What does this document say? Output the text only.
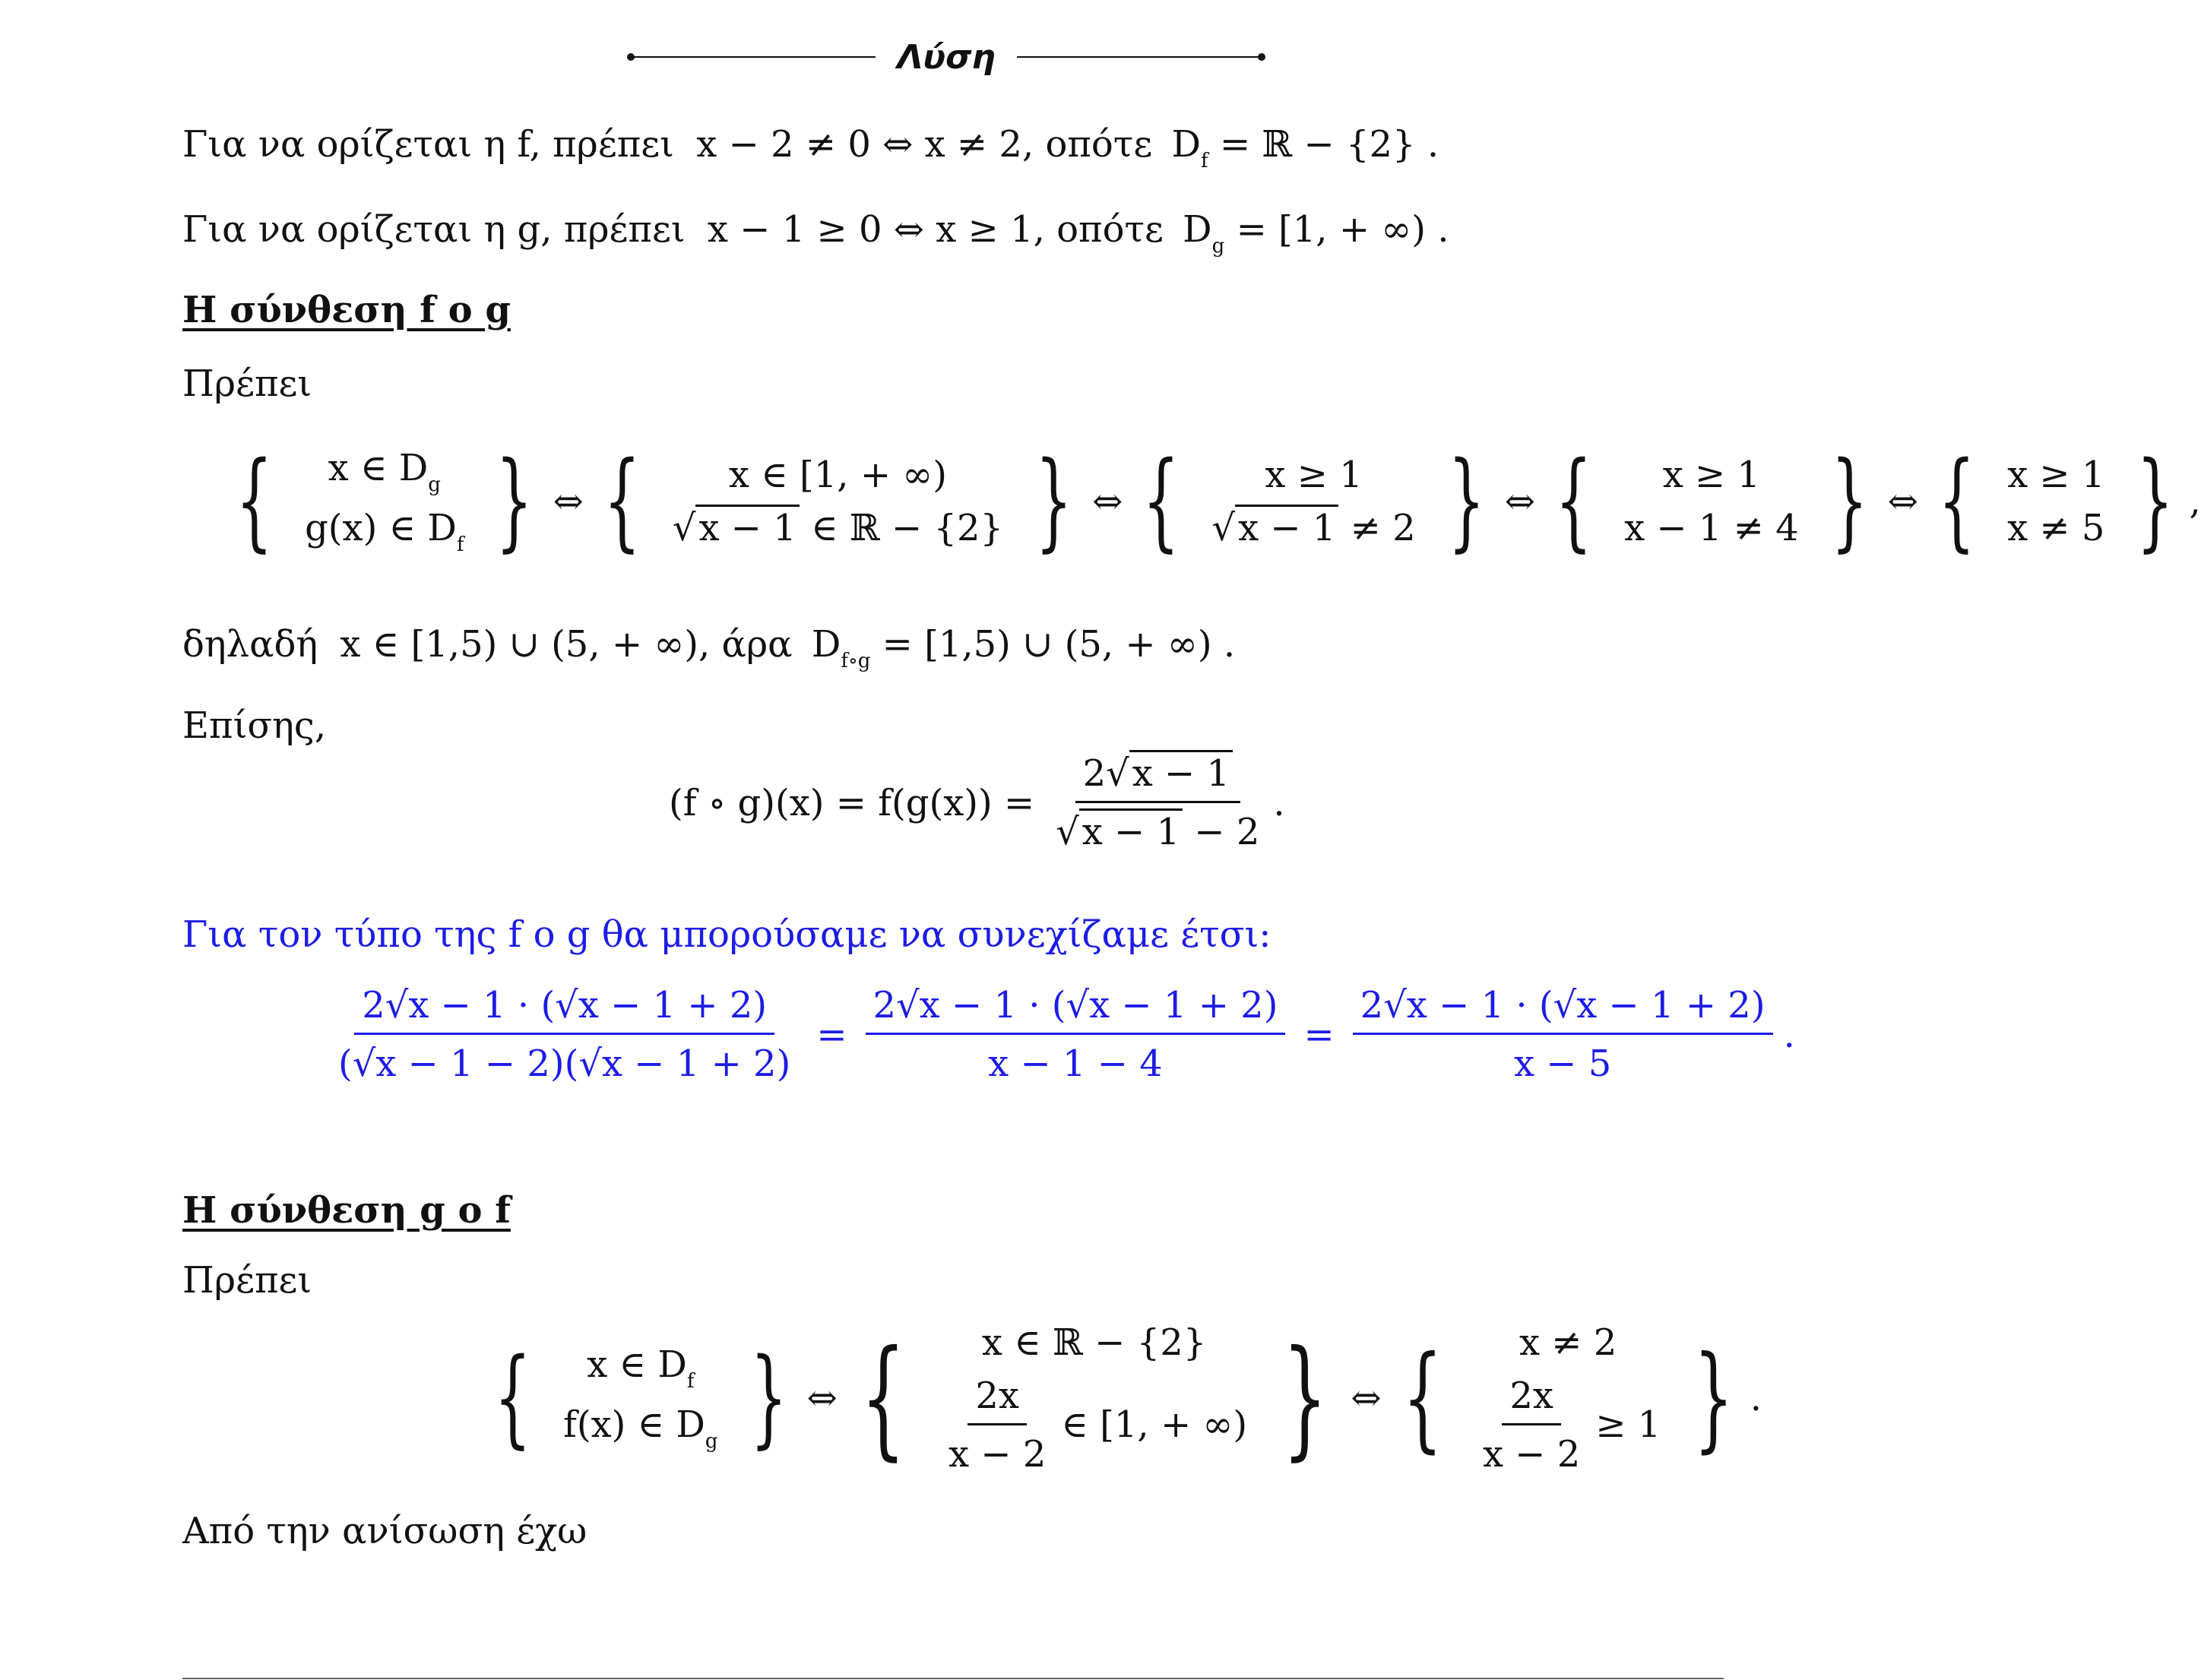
Λύση
Για να ορίζεται η f, πρέπει x − 2 ≠ 0 ⇔ x ≠ 2, οπότε $D_f$ = ℝ − {2} .
Για να ορίζεται η g, πρέπει x − 1 ≥ 0 ⇔ x ≥ 1, οπότε $D_g = [1$, + ∞) .
Η σύνθεση f o g
Πρέπει
{ x ∈ $D_g$
g(x) ∈ $D_f$ } ⇔ { x ∈ [1, + ∞)
√x − 1 ∈ ℝ − {2} } ⇔ { x ≥ 1
√x − 1 ≠ 2 } ⇔ { x ≥ 1
x − 1 ≠ 4 } ⇔ { x ≥ 1
x ≠ 5 } ,
δηλαδή x ∈ [1,5) ∪ (5, + ∞), άρα $D_{f\circ g} = [1,5)$ ∪ (5, + ∞) .
Επίσης,
(f ∘ $g)(x) = f(g(x)) = \frac{2√x - 1}{√x - 1 - 2}$ .
Για τον τύπο της f o g θα μπορούσαμε να συνεχίζαμε έτσι:
$\frac{2√x - 1 \cdot (√x - 1 + 2)}{(√x - 1 - 2)(√x - 1 + 2)} = \frac{2√x - 1 \cdot (√x - 1 + 2)}{x - 1 - 4} = \frac{2√x - 1 \cdot (√x - 1 + 2)}{x - 5}$ .
Η σύνθεση g o f
Πρέπει
{ x ∈ $D_f$
f(x) ∈ $D_g$ } ⇔ { x ∈ ℝ − {2}
$\frac{2x}{x - 2}$ ∈ [1, + ∞) } ⇔ { x ≠ 2
$\frac{2x}{x - 2} \ge 1$ } .
Από την ανίσωση έχω
